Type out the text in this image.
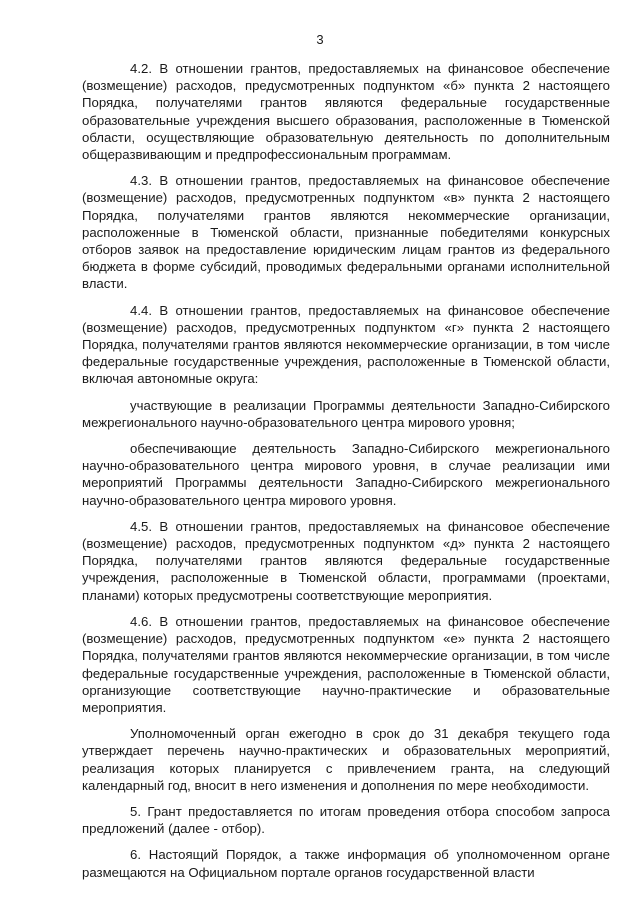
3

4.2. В отношении грантов, предоставляемых на финансовое обеспечение (возмещение) расходов, предусмотренных подпунктом «б» пункта 2 настоящего Порядка, получателями грантов являются федеральные государственные образовательные учреждения высшего образования, расположенные в Тюменской области, осуществляющие образовательную деятельность по дополнительным общеразвивающим и предпрофессиональным программам.

4.3. В отношении грантов, предоставляемых на финансовое обеспечение (возмещение) расходов, предусмотренных подпунктом «в» пункта 2 настоящего Порядка, получателями грантов являются некоммерческие организации, расположенные в Тюменской области, признанные победителями конкурсных отборов заявок на предоставление юридическим лицам грантов из федерального бюджета в форме субсидий, проводимых федеральными органами исполнительной власти.

4.4. В отношении грантов, предоставляемых на финансовое обеспечение (возмещение) расходов, предусмотренных подпунктом «г» пункта 2 настоящего Порядка, получателями грантов являются некоммерческие организации, в том числе федеральные государственные учреждения, расположенные в Тюменской области, включая автономные округа:

участвующие в реализации Программы деятельности Западно-Сибирского межрегионального научно-образовательного центра мирового уровня;

обеспечивающие деятельность Западно-Сибирского межрегионального научно-образовательного центра мирового уровня, в случае реализации ими мероприятий Программы деятельности Западно-Сибирского межрегионального научно-образовательного центра мирового уровня.

4.5. В отношении грантов, предоставляемых на финансовое обеспечение (возмещение) расходов, предусмотренных подпунктом «д» пункта 2 настоящего Порядка, получателями грантов являются федеральные государственные учреждения, расположенные в Тюменской области, программами (проектами, планами) которых предусмотрены соответствующие мероприятия.

4.6. В отношении грантов, предоставляемых на финансовое обеспечение (возмещение) расходов, предусмотренных подпунктом «е» пункта 2 настоящего Порядка, получателями грантов являются некоммерческие организации, в том числе федеральные государственные учреждения, расположенные в Тюменской области, организующие соответствующие научно-практические и образовательные мероприятия.

Уполномоченный орган ежегодно в срок до 31 декабря текущего года утверждает перечень научно-практических и образовательных мероприятий, реализация которых планируется с привлечением гранта, на следующий календарный год, вносит в него изменения и дополнения по мере необходимости.

5. Грант предоставляется по итогам проведения отбора способом запроса предложений (далее - отбор).

6. Настоящий Порядок, а также информация об уполномоченном органе размещаются на Официальном портале органов государственной власти
